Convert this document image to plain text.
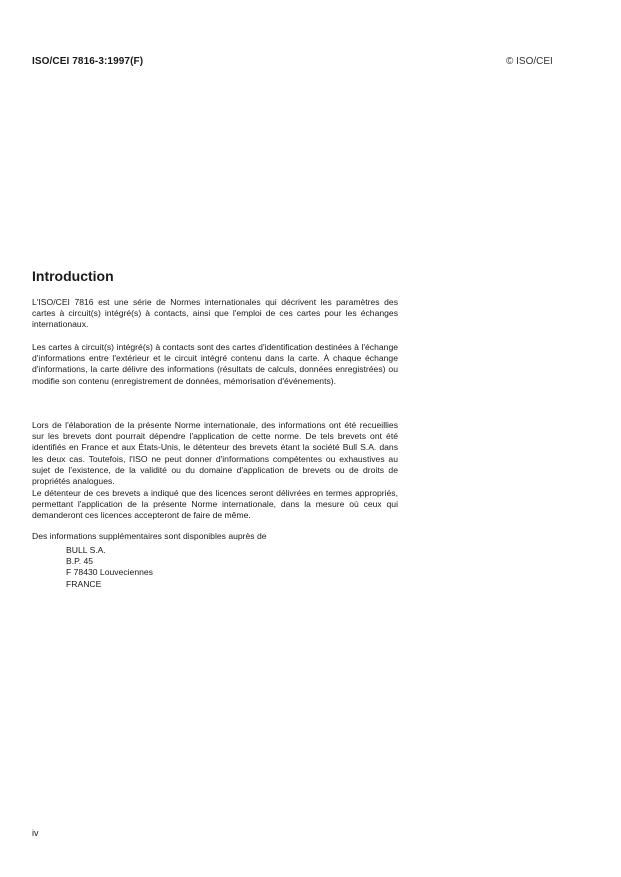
ISO/CEI 7816-3:1997(F)	© ISO/CEI
Introduction

L'ISO/CEI 7816 est une série de Normes internationales qui décrivent les paramètres des cartes à circuit(s) intégré(s) à contacts, ainsi que l'emploi de ces cartes pour les échanges internationaux.

Les cartes à circuit(s) intégré(s) à contacts sont des cartes d'identification destinées à l'échange d'informations entre l'extérieur et le circuit intégré contenu dans la carte. À chaque échange d'informations, la carte délivre des informations (résultats de calculs, données enregistrées) ou modifie son contenu (enregistrement de données, mémorisation d'événements).

Lors de l'élaboration de la présente Norme internationale, des informations ont été recueillies sur les brevets dont pourrait dépendre l'application de cette norme. De tels brevets ont été identifiés en France et aux États-Unis, le détenteur des brevets étant la société Bull S.A. dans les deux cas. Toutefois, l'ISO ne peut donner d'informations compétentes ou exhaustives au sujet de l'existence, de la validité ou du domaine d'application de brevets ou de droits de propriétés analogues.

Le détenteur de ces brevets a indiqué que des licences seront délivrées en termes appropriés, permettant l'application de la présente Norme internationale, dans la mesure où ceux qui demanderont ces licences accepteront de faire de même.

Des informations supplémentaires sont disponibles auprès de

BULL S.A.
B.P. 45
F 78430 Louveciennes
FRANCE
iv
